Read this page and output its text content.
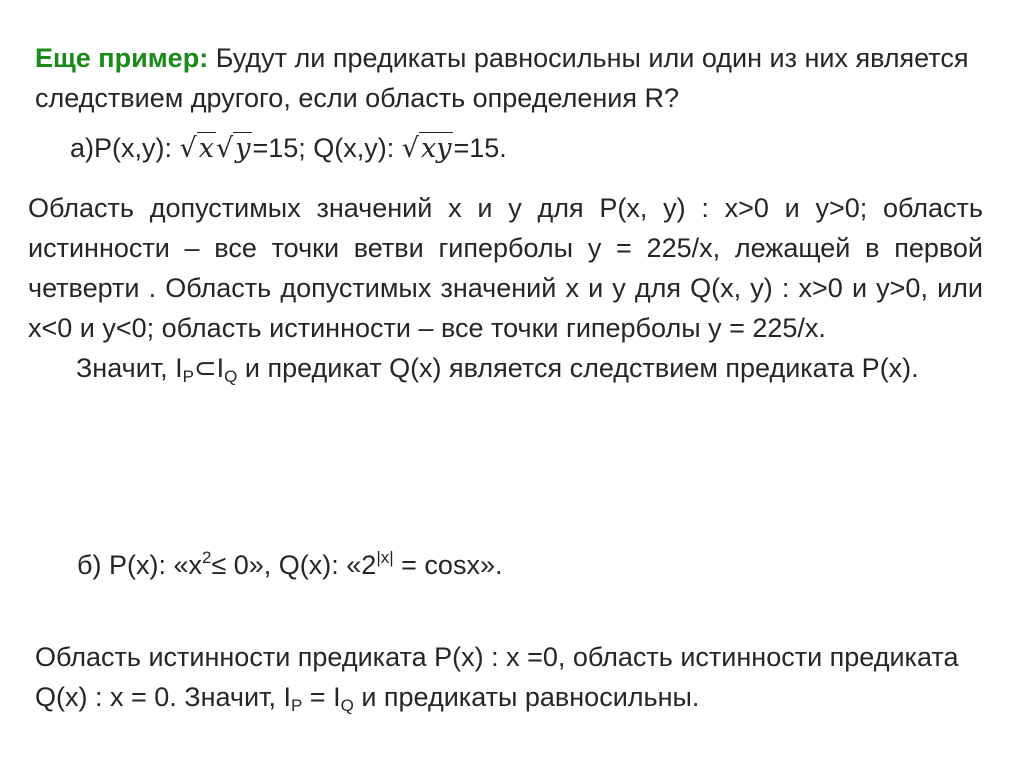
Еще пример: Будут ли предикаты равносильны или один из них является следствием другого, если область определения R?

а)P(x,y): √x√y=15; Q(x,y): √xy=15.

Область допустимых значений х и у для P(x, y) : x>0 и y>0; область истинности – все точки ветви гиперболы у = 225/х, лежащей в первой четверти . Область допустимых значений х и у для Q(x, y) : x>0 и y>0, или x<0 и y<0; область истинности – все точки гиперболы у = 225/х.
Значит, $I_P\subset I_Q$ и предикат Q(x) является следствием предиката P(x).

б) P(x): «$x^2\le 0$», Q(x): «$2^{|x|} = \cos x$».

Область истинности предиката P(x) : x =0, область истинности предиката Q(x) : x = 0. Значит, $I_P = I_Q$ и предикаты равносильны.
